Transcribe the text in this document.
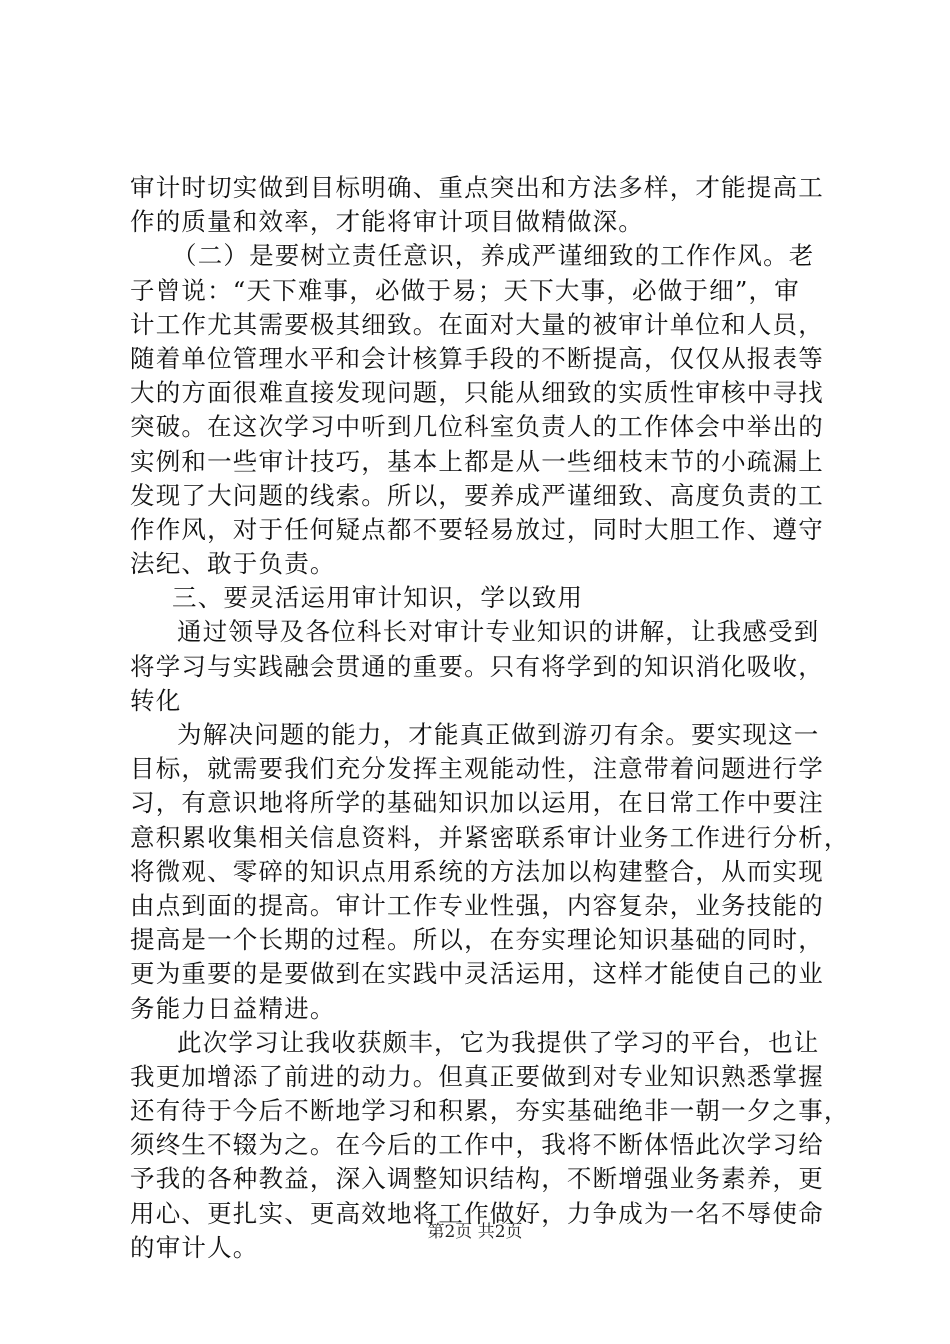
审计时切实做到目标明确、重点突出和方法多样，才能提高工
作的质量和效率，才能将审计项目做精做深。
（二）是要树立责任意识，养成严谨细致的工作作风。老
子曾说：“天下难事，必做于易；天下大事，必做于细”，审
计工作尤其需要极其细致。在面对大量的被审计单位和人员，
随着单位管理水平和会计核算手段的不断提高，仅仅从报表等
大的方面很难直接发现问题，只能从细致的实质性审核中寻找
突破。在这次学习中听到几位科室负责人的工作体会中举出的
实例和一些审计技巧，基本上都是从一些细枝末节的小疏漏上
发现了大问题的线索。所以，要养成严谨细致、高度负责的工
作作风，对于任何疑点都不要轻易放过，同时大胆工作、遵守
法纪、敢于负责。
三、要灵活运用审计知识，学以致用
通过领导及各位科长对审计专业知识的讲解，让我感受到
将学习与实践融会贯通的重要。只有将学到的知识消化吸收，
转化
为解决问题的能力，才能真正做到游刃有余。要实现这一
目标，就需要我们充分发挥主观能动性，注意带着问题进行学
习，有意识地将所学的基础知识加以运用，在日常工作中要注
意积累收集相关信息资料，并紧密联系审计业务工作进行分析，
将微观、零碎的知识点用系统的方法加以构建整合，从而实现
由点到面的提高。审计工作专业性强，内容复杂，业务技能的
提高是一个长期的过程。所以，在夯实理论知识基础的同时，
更为重要的是要做到在实践中灵活运用，这样才能使自己的业
务能力日益精进。
此次学习让我收获颇丰，它为我提供了学习的平台，也让
我更加增添了前进的动力。但真正要做到对专业知识熟悉掌握
还有待于今后不断地学习和积累，夯实基础绝非一朝一夕之事，
须终生不辍为之。在今后的工作中，我将不断体悟此次学习给
予我的各种教益，深入调整知识结构，不断增强业务素养，更
用心、更扎实、更高效地将工作做好，力争成为一名不辱使命
的审计人。
第2页 共2页
